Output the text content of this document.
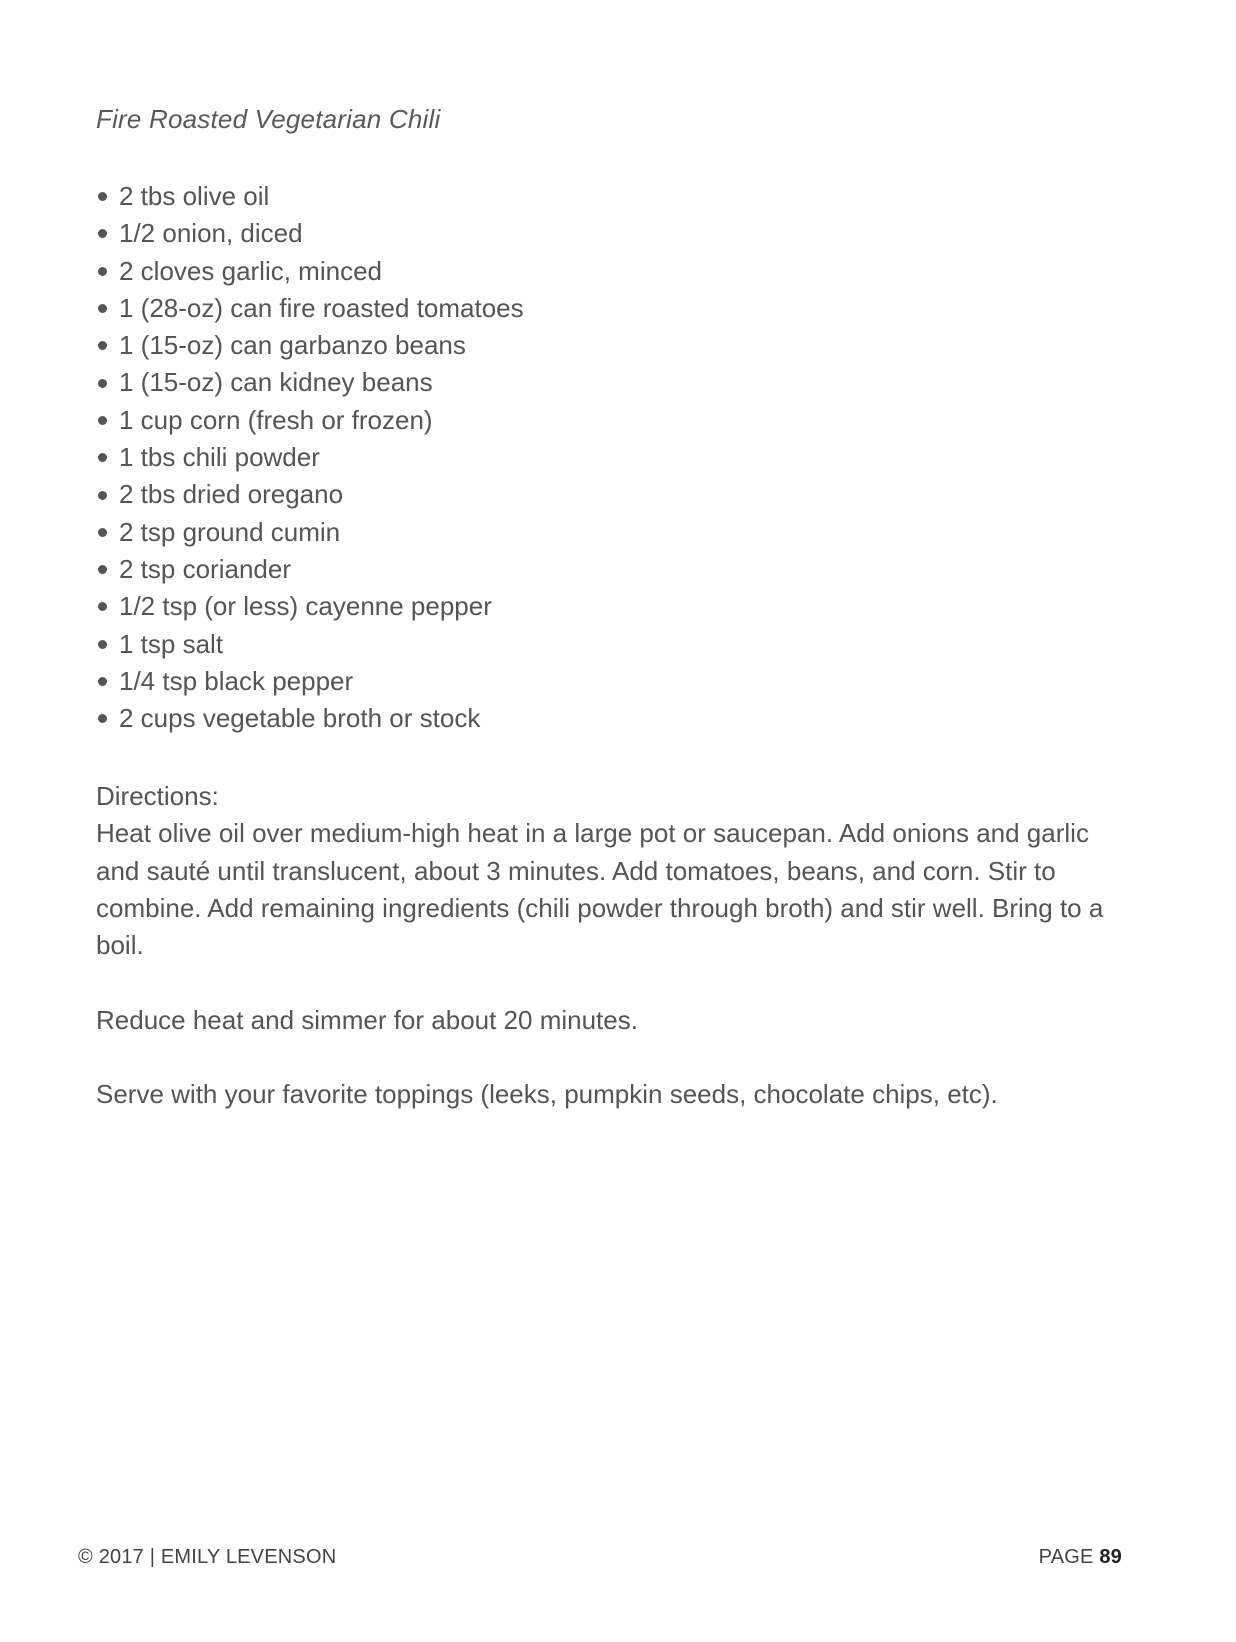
Fire Roasted Vegetarian Chili
2 tbs olive oil
1/2 onion, diced
2 cloves garlic, minced
1 (28-oz) can fire roasted tomatoes
1 (15-oz) can garbanzo beans
1 (15-oz) can kidney beans
1 cup corn (fresh or frozen)
1 tbs chili powder
2 tbs dried oregano
2 tsp ground cumin
2 tsp coriander
1/2 tsp (or less) cayenne pepper
1 tsp salt
1/4 tsp black pepper
2 cups vegetable broth or stock

Directions:

Heat olive oil over medium-high heat in a large pot or saucepan. Add onions and garlic and sauté until translucent, about 3 minutes. Add tomatoes, beans, and corn. Stir to combine. Add remaining ingredients (chili powder through broth) and stir well. Bring to a boil.

Reduce heat and simmer for about 20 minutes.

Serve with your favorite toppings (leeks, pumpkin seeds, chocolate chips, etc).

© 2017 | EMILY LEVENSON	PAGE 89
